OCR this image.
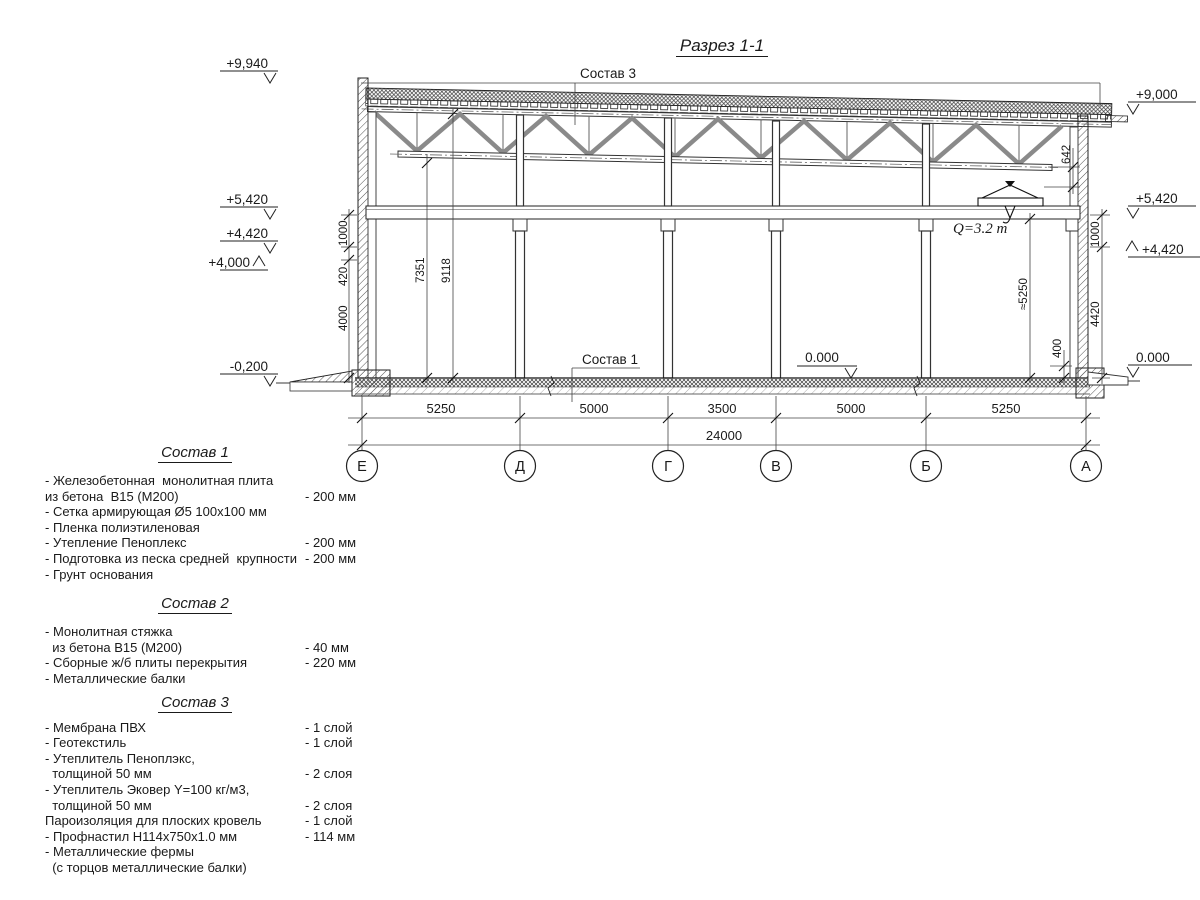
Разрез 1-1
Q=3.2 т
Состав 3
Состав 1
+9,940
+5,420
+4,420
+4,000
-0,200
+9,000
+5,420
+4,420
0.000
0.000
1000
420
4000
7351 9118
642
1000
4420
400
≈5250
5250	5000	3500	5000	5250
24000
Е	Д	Г	В	Б	А
Состав 1
- Железобетонная  монолитная плита
из бетона  В15 (М200)	- 200 мм
- Сетка армирующая Ø5 100х100 мм
- Пленка полиэтиленовая
- Утепление Пеноплекс	- 200 мм
- Подготовка из песка средней  крупности - 200 мм
- Грунт основания
Состав 2
- Монолитная стяжка
из бетона В15 (М200)	- 40 мм
- Сборные ж/б плиты перекрытия	- 220 мм
- Металлические балки
Состав 3
- Мембрана ПВХ	- 1 слой
- Геотекстиль	- 1 слой
- Утеплитель Пеноплэкс,
толщиной 50 мм	- 2 слоя
- Утеплитель Эковер Y=100 кг/м3,
толщиной 50 мм	- 2 слоя
Пароизоляция для плоских кровель	- 1 слой
- Профнастил Н114х750х1.0 мм	- 114 мм
- Металлические фермы
(с торцов металлические балки)
